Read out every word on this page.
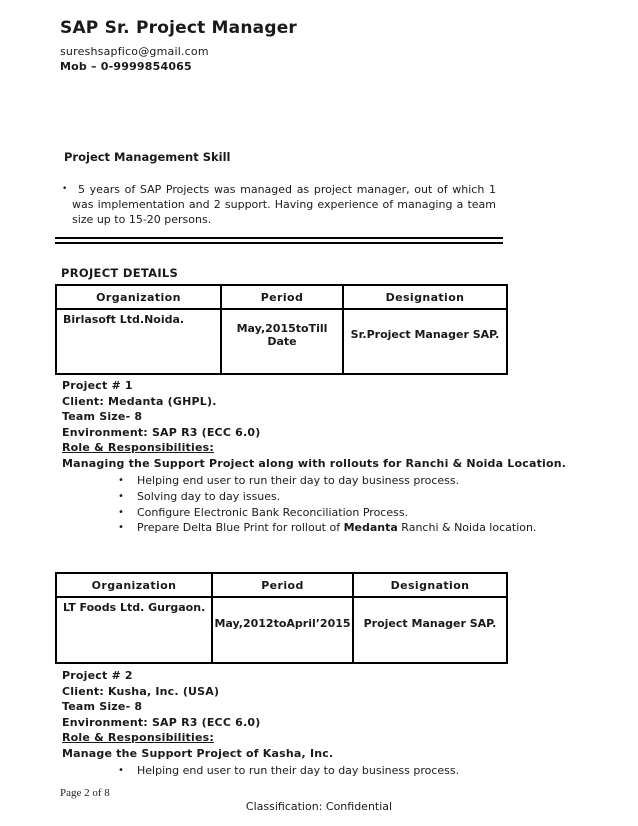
SAP Sr. Project Manager
sureshsapfico@gmail.com
Mob – 0-9999854065
Project Management Skill
• 5 years of SAP Projects was managed as project manager, out of which 1 was implementation and 2 support. Having experience of managing a team size up to 15-20 persons.

PROJECT DETAILS
Organization	Period	Designation
Birlasoft Ltd.Noida.	May,2015toTill Date	Sr.Project Manager SAP.
Project # 1
Client: Medanta (GHPL).
Team Size- 8
Environment: SAP R3 (ECC 6.0)
Role & Responsibilities:
Managing the Support Project along with rollouts for Ranchi & Noida Location.
•	Helping end user to run their day to day business process.
•	Solving day to day issues.
•	Configure Electronic Bank Reconciliation Process.
•	Prepare Delta Blue Print for rollout of Medanta Ranchi & Noida location.
Organization	Period	Designation
LT Foods Ltd. Gurgaon.	May,2012toApril’2015	Project Manager SAP.
Project # 2
Client: Kusha, Inc. (USA)
Team Size- 8
Environment: SAP R3 (ECC 6.0)
Role & Responsibilities:
Manage the Support Project of Kasha, Inc.
•	Helping end user to run their day to day business process.
Page 2 of 8
Classification: Confidential
